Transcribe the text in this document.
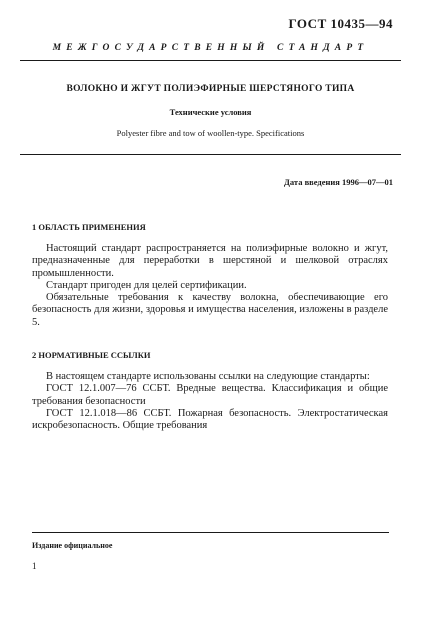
ГОСТ 10435—94
МЕЖГОСУДАРСТВЕННЫЙ СТАНДАРТ
ВОЛОКНО И ЖГУТ ПОЛИЭФИРНЫЕ ШЕРСТЯНОГО ТИПА
Технические условия
Polyester fibre and tow of woollen-type. Specifications
Дата введения 1996—07—01
1 ОБЛАСТЬ ПРИМЕНЕНИЯ
Настоящий стандарт распространяется на полиэфирные волокно и жгут, предназначенные для переработки в шерстяной и шелковой отраслях промышленности.
Стандарт пригоден для целей сертификации.
Обязательные требования к качеству волокна, обеспечивающие его безопасность для жизни, здоровья и имущества населения, изложены в разделе 5.
2 НОРМАТИВНЫЕ ССЫЛКИ
В настоящем стандарте использованы ссылки на следующие стандарты:
ГОСТ 12.1.007—76 ССБТ. Вредные вещества. Классификация и общие требования безопасности
ГОСТ 12.1.018—86 ССБТ. Пожарная безопасность. Электростатическая искробезопасность. Общие требования
Издание официальное
1
